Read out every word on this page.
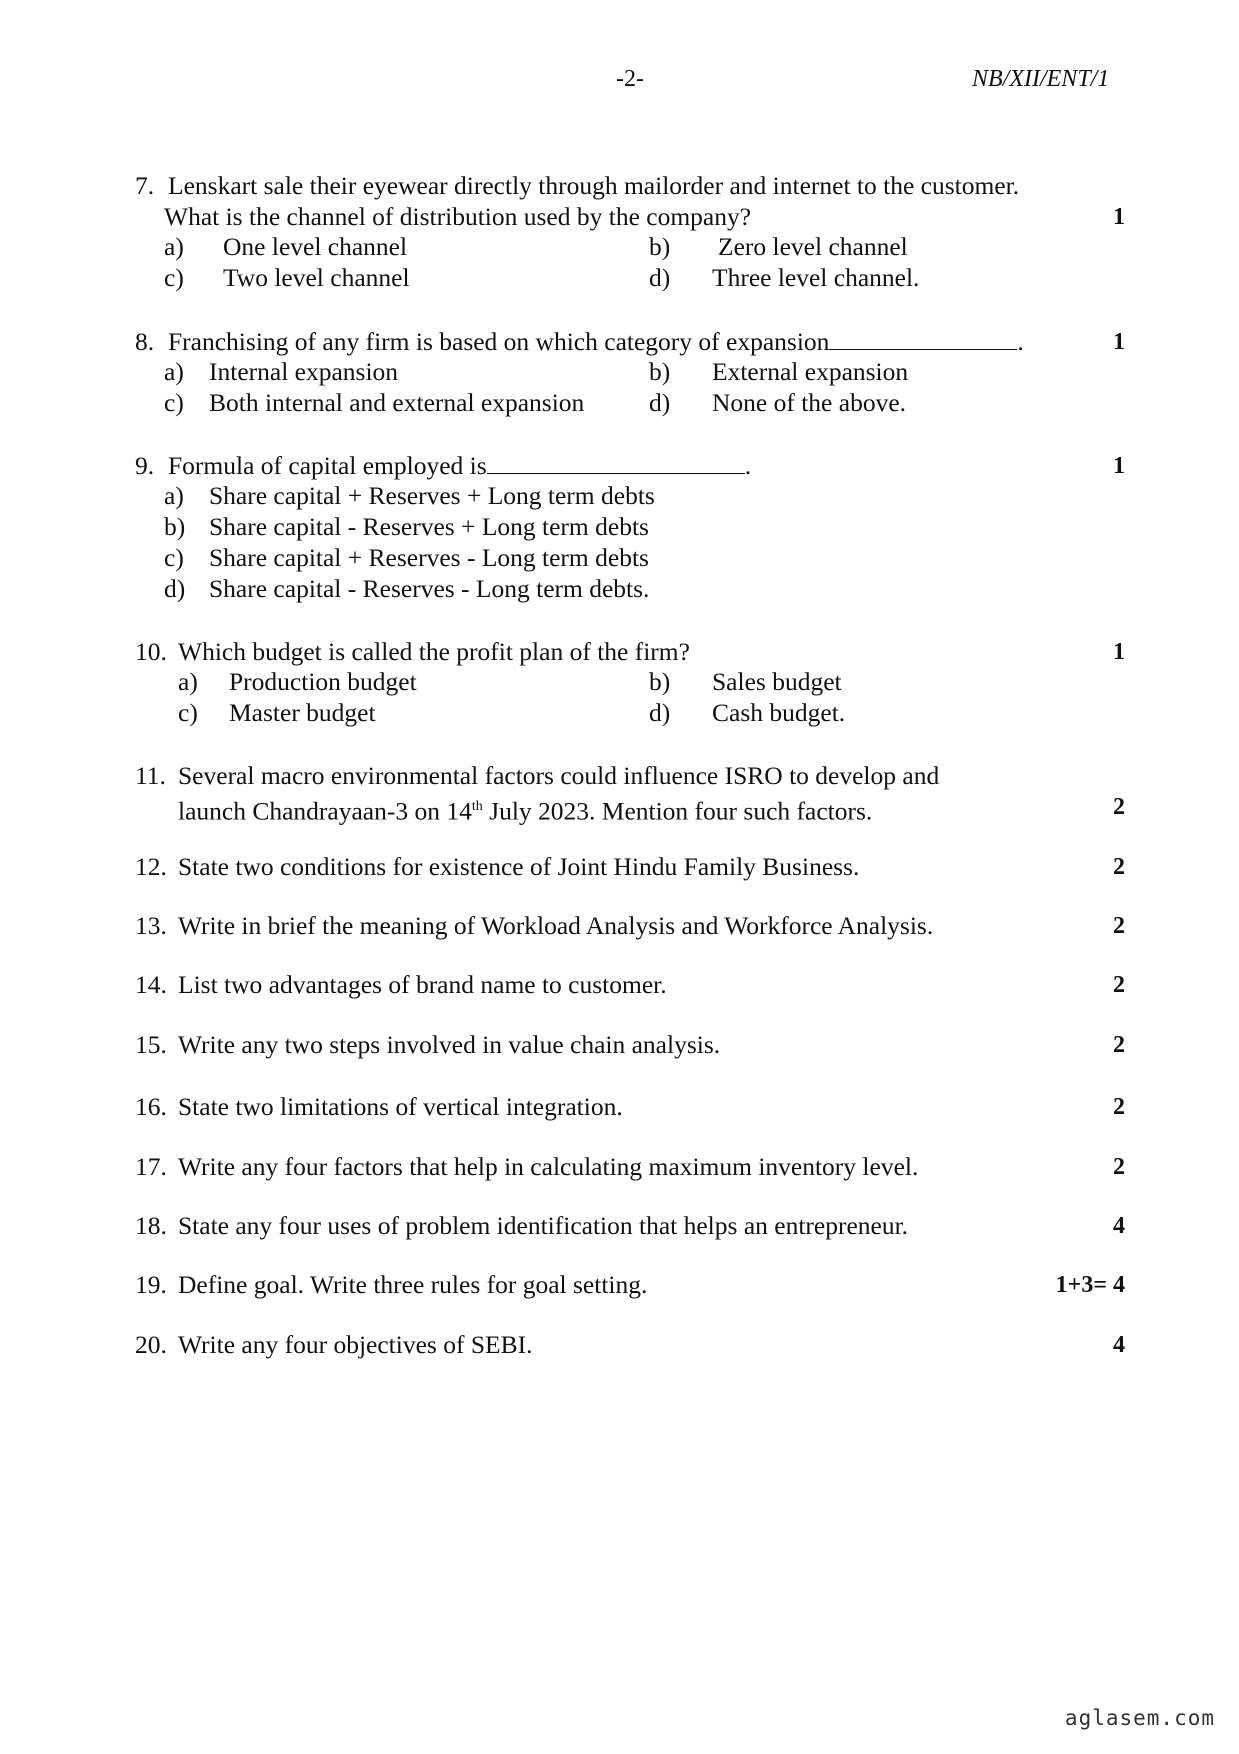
-2-	NB/XII/ENT/1
7. Lenskart sale their eyewear directly through mailorder and internet to the customer.
What is the channel of distribution used by the company?	1
a) One level channel	b) Zero level channel
c) Two level channel	d) Three level channel.
8. Franchising of any firm is based on which category of expansion	.	1
a) Internal expansion	b) External expansion
c) Both internal and external expansion	d) None of the above.
9. Formula of capital employed is	.	1
a) Share capital + Reserves + Long term debts
b) Share capital - Reserves + Long term debts
c) Share capital + Reserves - Long term debts
d) Share capital - Reserves - Long term debts.
10. Which budget is called the profit plan of the firm?	1
a) Production budget	b) Sales budget
c) Master budget	d) Cash budget.
11. Several macro environmental factors could influence ISRO to develop and
launch Chandrayaan-3 on 14th July 2023. Mention four such factors.	2
12. State two conditions for existence of Joint Hindu Family Business.	2
13. Write in brief the meaning of Workload Analysis and Workforce Analysis.	2
14. List two advantages of brand name to customer.	2
15. Write any two steps involved in value chain analysis.	2
16. State two limitations of vertical integration.	2
17. Write any four factors that help in calculating maximum inventory level.	2
18. State any four uses of problem identification that helps an entrepreneur.	4
19. Define goal. Write three rules for goal setting.	1+3= 4
20. Write any four objectives of SEBI.	4
aglasem.com
